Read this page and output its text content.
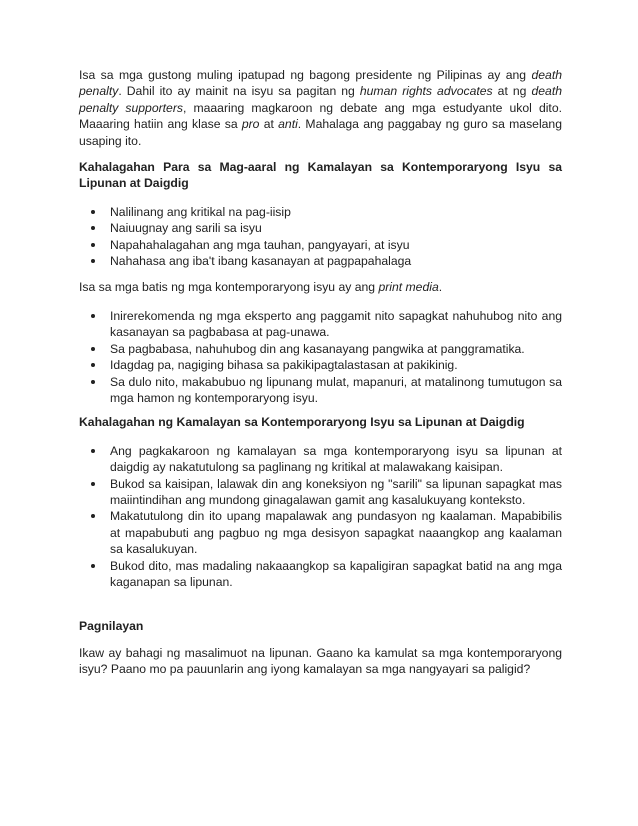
Isa sa mga gustong muling ipatupad ng bagong presidente ng Pilipinas ay ang death penalty. Dahil ito ay mainit na isyu sa pagitan ng human rights advocates at ng death penalty supporters, maaaring magkaroon ng debate ang mga estudyante ukol dito. Maaaring hatiin ang klase sa pro at anti. Mahalaga ang paggabay ng guro sa maselang usaping ito.

Kahalagahan Para sa Mag-aaral ng Kamalayan sa Kontemporaryong Isyu sa Lipunan at Daigdig
Nalilinang ang kritikal na pag-iisip
Naiuugnay ang sarili sa isyu
Napahahalagahan ang mga tauhan, pangyayari, at isyu
Nahahasa ang iba't ibang kasanayan at pagpapahalaga

Isa sa mga batis ng mga kontemporaryong isyu ay ang print media.

Inirerekomenda ng mga eksperto ang paggamit nito sapagkat nahuhubog nito ang kasanayan sa pagbabasa at pag-unawa.
Sa pagbabasa, nahuhubog din ang kasanayang pangwika at panggramatika.
Idagdag pa, nagiging bihasa sa pakikipagtalastasan at pakikinig.
Sa dulo nito, makabubuo ng lipunang mulat, mapanuri, at matalinong tumutugon sa mga hamon ng kontemporaryong isyu.
Kahalagahan ng Kamalayan sa Kontemporaryong Isyu sa Lipunan at Daigdig
Ang pagkakaroon ng kamalayan sa mga kontemporaryong isyu sa lipunan at daigdig ay nakatutulong sa paglinang ng kritikal at malawakang kaisipan.
Bukod sa kaisipan, lalawak din ang koneksiyon ng "sarili" sa lipunan sapagkat mas maiintindihan ang mundong ginagalawan gamit ang kasalukuyang konteksto.
Makatutulong din ito upang mapalawak ang pundasyon ng kaalaman. Mapabibilis at mapabubuti ang pagbuo ng mga desisyon sapagkat naaangkop ang kaalaman sa kasalukuyan.
Bukod dito, mas madaling nakaaangkop sa kapaligiran sapagkat batid na ang mga kaganapan sa lipunan.
Pagnilayan

Ikaw ay bahagi ng masalimuot na lipunan. Gaano ka kamulat sa mga kontemporaryong isyu? Paano mo pa pauunlarin ang iyong kamalayan sa mga nangyayari sa paligid?
